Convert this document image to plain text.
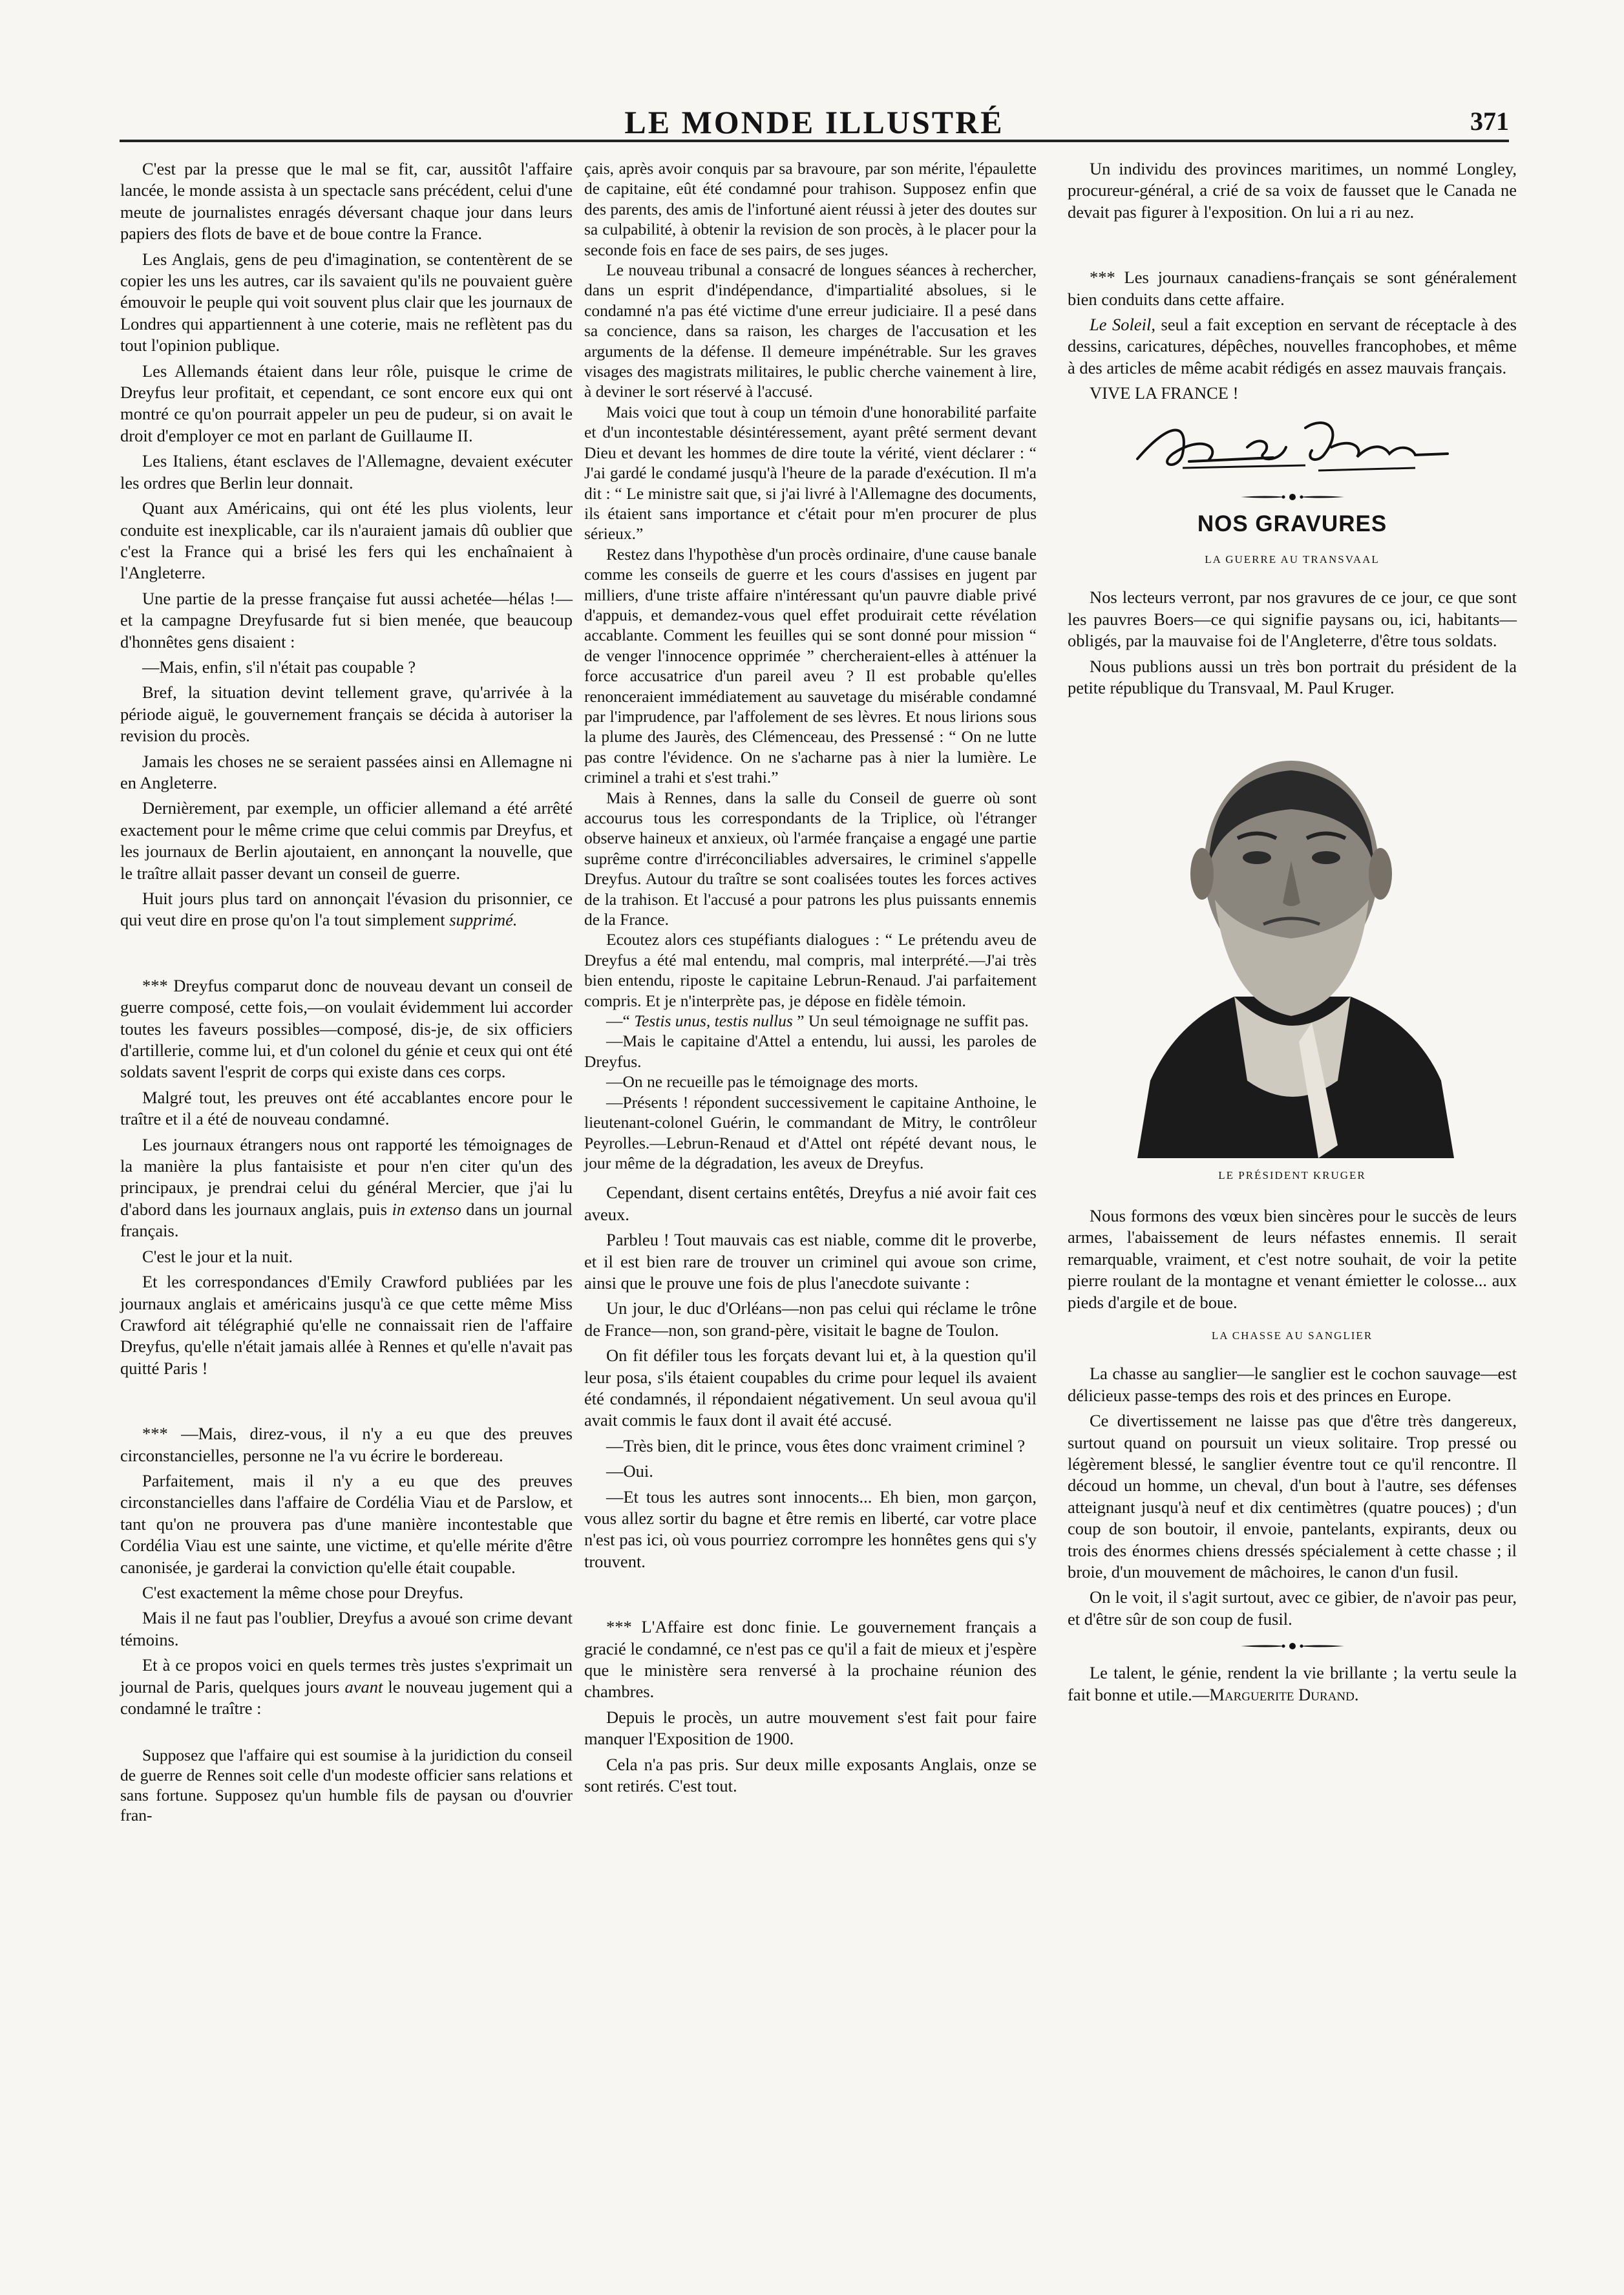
LE MONDE ILLUSTRÉ	371

C'est par la presse que le mal se fit, car, aussitôt l'affaire lancée, le monde assista à un spectacle sans précédent, celui d'une meute de journalistes enragés déversant chaque jour dans leurs papiers des flots de bave et de boue contre la France.

Les Anglais, gens de peu d'imagination, se contentèrent de se copier les uns les autres, car ils savaient qu'ils ne pouvaient guère émouvoir le peuple qui voit souvent plus clair que les journaux de Londres qui appartiennent à une coterie, mais ne reflètent pas du tout l'opinion publique.

Les Allemands étaient dans leur rôle, puisque le crime de Dreyfus leur profitait, et cependant, ce sont encore eux qui ont montré ce qu'on pourrait appeler un peu de pudeur, si on avait le droit d'employer ce mot en parlant de Guillaume II.

Les Italiens, étant esclaves de l'Allemagne, devaient exécuter les ordres que Berlin leur donnait.

Quant aux Américains, qui ont été les plus violents, leur conduite est inexplicable, car ils n'auraient jamais dû oublier que c'est la France qui a brisé les fers qui les enchaînaient à l'Angleterre.

Une partie de la presse française fut aussi achetée—hélas !—et la campagne Dreyfusarde fut si bien menée, que beaucoup d'honnêtes gens disaient :

—Mais, enfin, s'il n'était pas coupable ?

Bref, la situation devint tellement grave, qu'arrivée à la période aiguë, le gouvernement français se décida à autoriser la revision du procès.

Jamais les choses ne se seraient passées ainsi en Allemagne ni en Angleterre.

Dernièrement, par exemple, un officier allemand a été arrêté exactement pour le même crime que celui commis par Dreyfus, et les journaux de Berlin ajoutaient, en annonçant la nouvelle, que le traître allait passer devant un conseil de guerre.

Huit jours plus tard on annonçait l'évasion du prisonnier, ce qui veut dire en prose qu'on l'a tout simplement supprimé.

*** Dreyfus comparut donc de nouveau devant un conseil de guerre composé, cette fois,—on voulait évidemment lui accorder toutes les faveurs possibles—composé, dis-je, de six officiers d'artillerie, comme lui, et d'un colonel du génie et ceux qui ont été soldats savent l'esprit de corps qui existe dans ces corps.

Malgré tout, les preuves ont été accablantes encore pour le traître et il a été de nouveau condamné.

Les journaux étrangers nous ont rapporté les témoignages de la manière la plus fantaisiste et pour n'en citer qu'un des principaux, je prendrai celui du général Mercier, que j'ai lu d'abord dans les journaux anglais, puis in extenso dans un journal français.

C'est le jour et la nuit.

Et les correspondances d'Emily Crawford publiées par les journaux anglais et américains jusqu'à ce que cette même Miss Crawford ait télégraphié qu'elle ne connaissait rien de l'affaire Dreyfus, qu'elle n'était jamais allée à Rennes et qu'elle n'avait pas quitté Paris !

*** —Mais, direz-vous, il n'y a eu que des preuves circonstancielles, personne ne l'a vu écrire le bordereau.

Parfaitement, mais il n'y a eu que des preuves circonstancielles dans l'affaire de Cordélia Viau et de Parslow, et tant qu'on ne prouvera pas d'une manière incontestable que Cordélia Viau est une sainte, une victime, et qu'elle mérite d'être canonisée, je garderai la conviction qu'elle était coupable.

C'est exactement la même chose pour Dreyfus.

Mais il ne faut pas l'oublier, Dreyfus a avoué son crime devant témoins.

Et à ce propos voici en quels termes très justes s'exprimait un journal de Paris, quelques jours avant le nouveau jugement qui a condamné le traître :

Supposez que l'affaire qui est soumise à la juridiction du conseil de guerre de Rennes soit celle d'un modeste officier sans relations et sans fortune. Supposez qu'un humble fils de paysan ou d'ouvrier fran-

çais, après avoir conquis par sa bravoure, par son mérite, l'épaulette de capitaine, eût été condamné pour trahison. Supposez enfin que des parents, des amis de l'infortuné aient réussi à jeter des doutes sur sa culpabilité, à obtenir la revision de son procès, à le placer pour la seconde fois en face de ses pairs, de ses juges.

Le nouveau tribunal a consacré de longues séances à rechercher, dans un esprit d'indépendance, d'impartialité absolues, si le condamné n'a pas été victime d'une erreur judiciaire. Il a pesé dans sa concience, dans sa raison, les charges de l'accusation et les arguments de la défense. Il demeure impénétrable. Sur les graves visages des magistrats militaires, le public cherche vainement à lire, à deviner le sort réservé à l'accusé.

Mais voici que tout à coup un témoin d'une honorabilité parfaite et d'un incontestable désintéressement, ayant prêté serment devant Dieu et devant les hommes de dire toute la vérité, vient déclarer : “ J'ai gardé le condamé jusqu'à l'heure de la parade d'exécution. Il m'a dit : “ Le ministre sait que, si j'ai livré à l'Allemagne des documents, ils étaient sans importance et c'était pour m'en procurer de plus sérieux.”

Restez dans l'hypothèse d'un procès ordinaire, d'une cause banale comme les conseils de guerre et les cours d'assises en jugent par milliers, d'une triste affaire n'intéressant qu'un pauvre diable privé d'appuis, et demandez-vous quel effet produirait cette révélation accablante. Comment les feuilles qui se sont donné pour mission “ de venger l'innocence opprimée ” chercheraient-elles à atténuer la force accusatrice d'un pareil aveu ? Il est probable qu'elles renonceraient immédiatement au sauvetage du misérable condamné par l'imprudence, par l'affolement de ses lèvres. Et nous lirions sous la plume des Jaurès, des Clémenceau, des Pressensé : “ On ne lutte pas contre l'évidence. On ne s'acharne pas à nier la lumière. Le criminel a trahi et s'est trahi.”

Mais à Rennes, dans la salle du Conseil de guerre où sont accourus tous les correspondants de la Triplice, où l'étranger observe haineux et anxieux, où l'armée française a engagé une partie suprême contre d'irréconciliables adversaires, le criminel s'appelle Dreyfus. Autour du traître se sont coalisées toutes les forces actives de la trahison. Et l'accusé a pour patrons les plus puissants ennemis de la France.

Ecoutez alors ces stupéfiants dialogues : “ Le prétendu aveu de Dreyfus a été mal entendu, mal compris, mal interprété.—J'ai très bien entendu, riposte le capitaine Lebrun-Renaud. J'ai parfaitement compris. Et je n'interprète pas, je dépose en fidèle témoin.

—“ Testis unus, testis nullus ” Un seul témoignage ne suffit pas.

—Mais le capitaine d'Attel a entendu, lui aussi, les paroles de Dreyfus.

—On ne recueille pas le témoignage des morts.

—Présents ! répondent successivement le capitaine Anthoine, le lieutenant-colonel Guérin, le commandant de Mitry, le contrôleur Peyrolles.—Lebrun-Renaud et d'Attel ont répété devant nous, le jour même de la dégradation, les aveux de Dreyfus.

Cependant, disent certains entêtés, Dreyfus a nié avoir fait ces aveux.

Parbleu ! Tout mauvais cas est niable, comme dit le proverbe, et il est bien rare de trouver un criminel qui avoue son crime, ainsi que le prouve une fois de plus l'anecdote suivante :

Un jour, le duc d'Orléans—non pas celui qui réclame le trône de France—non, son grand-père, visitait le bagne de Toulon.

On fit défiler tous les forçats devant lui et, à la question qu'il leur posa, s'ils étaient coupables du crime pour lequel ils avaient été condamnés, il répondaient négativement. Un seul avoua qu'il avait commis le faux dont il avait été accusé.

—Très bien, dit le prince, vous êtes donc vraiment criminel ?

—Oui.

—Et tous les autres sont innocents... Eh bien, mon garçon, vous allez sortir du bagne et être remis en liberté, car votre place n'est pas ici, où vous pourriez corrompre les honnêtes gens qui s'y trouvent.

*** L'Affaire est donc finie. Le gouvernement français a gracié le condamné, ce n'est pas ce qu'il a fait de mieux et j'espère que le ministère sera renversé à la prochaine réunion des chambres.

Depuis le procès, un autre mouvement s'est fait pour faire manquer l'Exposition de 1900.

Cela n'a pas pris. Sur deux mille exposants Anglais, onze se sont retirés. C'est tout.

Un individu des provinces maritimes, un nommé Longley, procureur-général, a crié de sa voix de fausset que le Canada ne devait pas figurer à l'exposition. On lui a ri au nez.

*** Les journaux canadiens-français se sont généralement bien conduits dans cette affaire.

Le Soleil, seul a fait exception en servant de réceptacle à des dessins, caricatures, dépêches, nouvelles francophobes, et même à des articles de même acabit rédigés en assez mauvais français.

VIVE LA FRANCE !

NOS GRAVURES
LA GUERRE AU TRANSVAAL

Nos lecteurs verront, par nos gravures de ce jour, ce que sont les pauvres Boers—ce qui signifie paysans ou, ici, habitants—obligés, par la mauvaise foi de l'Angleterre, d'être tous soldats.

Nous publions aussi un très bon portrait du président de la petite république du Transvaal, M. Paul Kruger.

LE PRÉSIDENT KRUGER

Nous formons des vœux bien sincères pour le succès de leurs armes, l'abaissement de leurs néfastes ennemis. Il serait remarquable, vraiment, et c'est notre souhait, de voir la petite pierre roulant de la montagne et venant émietter le colosse... aux pieds d'argile et de boue.

LA CHASSE AU SANGLIER

La chasse au sanglier—le sanglier est le cochon sauvage—est délicieux passe-temps des rois et des princes en Europe.

Ce divertissement ne laisse pas que d'être très dangereux, surtout quand on poursuit un vieux solitaire. Trop pressé ou légèrement blessé, le sanglier éventre tout ce qu'il rencontre. Il découd un homme, un cheval, d'un bout à l'autre, ses défenses atteignant jusqu'à neuf et dix centimètres (quatre pouces) ; d'un coup de son boutoir, il envoie, pantelants, expirants, deux ou trois des énormes chiens dressés spécialement à cette chasse ; il broie, d'un mouvement de mâchoires, le canon d'un fusil.

On le voit, il s'agit surtout, avec ce gibier, de n'avoir pas peur, et d'être sûr de son coup de fusil.

Le talent, le génie, rendent la vie brillante ; la vertu seule la fait bonne et utile.—Marguerite Durand.
